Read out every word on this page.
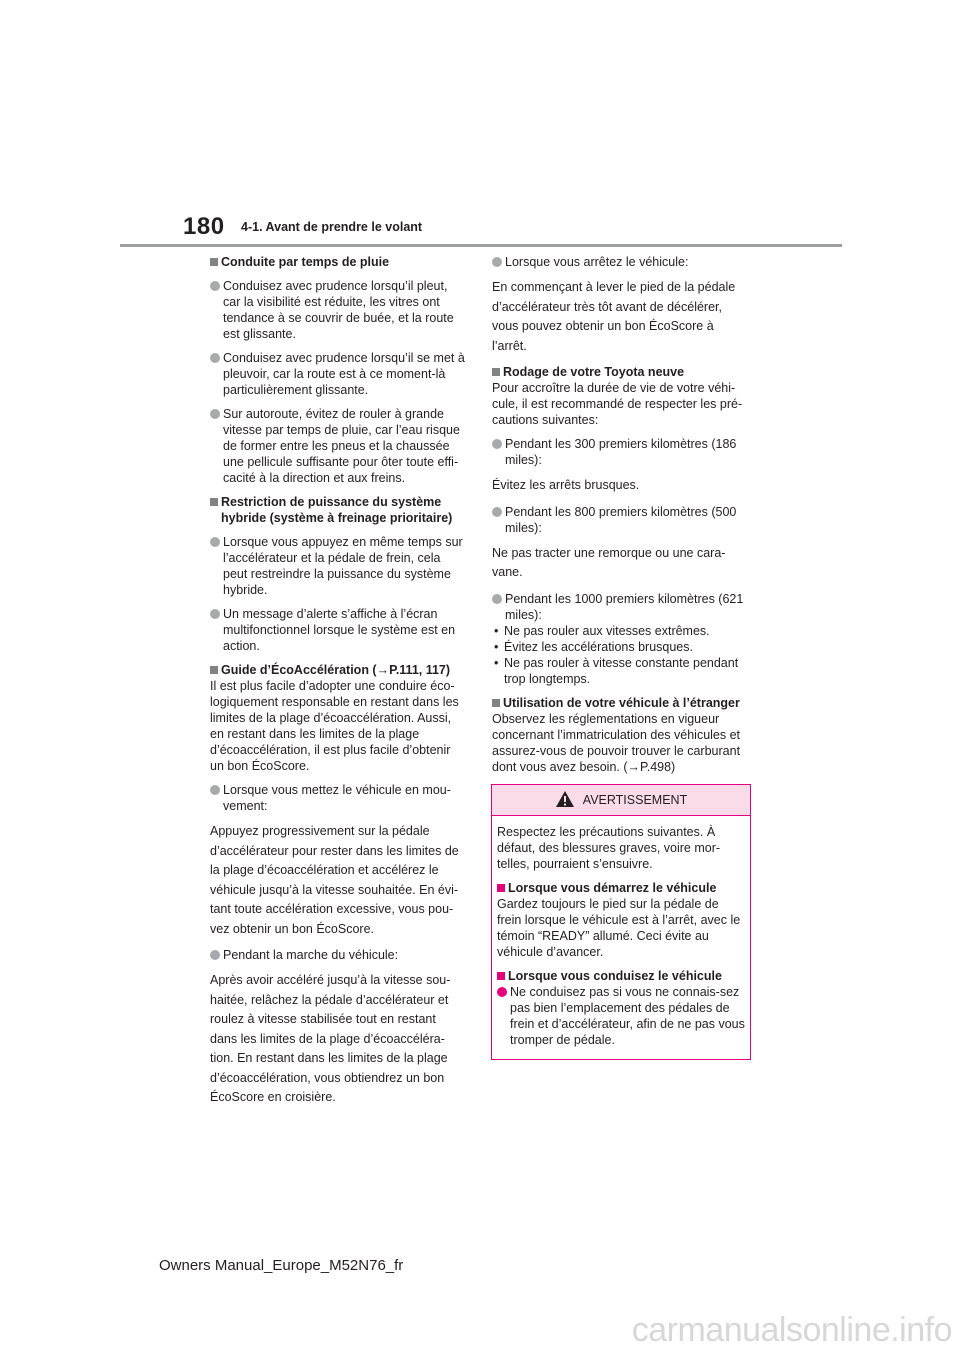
180 4-1. Avant de prendre le volant
Conduite par temps de pluie
Conduisez avec prudence lorsqu’il pleut, car la visibilité est réduite, les vitres ont tendance à se couvrir de buée, et la route est glissante.
Conduisez avec prudence lorsqu’il se met à pleuvoir, car la route est à ce moment-là particulièrement glissante.
Sur autoroute, évitez de rouler à grande vitesse par temps de pluie, car l’eau risque de former entre les pneus et la chaussée une pellicule suffisante pour ôter toute effi-cacité à la direction et aux freins.
Restriction de puissance du système hybride (système à freinage prioritaire)
Lorsque vous appuyez en même temps sur l’accélérateur et la pédale de frein, cela peut restreindre la puissance du système hybride.
Un message d’alerte s’affiche à l’écran multifonctionnel lorsque le système est en action.
Guide d’ÉcoAccélération (→P.111, 117)
Il est plus facile d’adopter une conduire éco-logiquement responsable en restant dans les limites de la plage d’écoaccélération. Aussi, en restant dans les limites de la plage d’écoaccélération, il est plus facile d’obtenir un bon ÉcoScore.
Lorsque vous mettez le véhicule en mou-vement:
Appuyez progressivement sur la pédale
d’accélérateur pour rester dans les limites de
la plage d’écoaccélération et accélérez le
véhicule jusqu’à la vitesse souhaitée. En évi-
tant toute accélération excessive, vous pou-
vez obtenir un bon ÉcoScore.
Pendant la marche du véhicule:
Après avoir accéléré jusqu’à la vitesse sou-
haitée, relâchez la pédale d’accélérateur et
roulez à vitesse stabilisée tout en restant
dans les limites de la plage d’écoaccéléra-
tion. En restant dans les limites de la plage
d’écoaccélération, vous obtiendrez un bon
ÉcoScore en croisière.
Lorsque vous arrêtez le véhicule:
En commençant à lever le pied de la pédale
d’accélérateur très tôt avant de décélérer,
vous pouvez obtenir un bon ÉcoScore à
l’arrêt.
Rodage de votre Toyota neuve
Pour accroître la durée de vie de votre véhi-cule, il est recommandé de respecter les pré-cautions suivantes:
Pendant les 300 premiers kilomètres (186 miles):
Évitez les arrêts brusques.
Pendant les 800 premiers kilomètres (500 miles):
Ne pas tracter une remorque ou une cara-
vane.
Pendant les 1000 premiers kilomètres (621 miles):
• Ne pas rouler aux vitesses extrêmes.
• Évitez les accélérations brusques.
• Ne pas rouler à vitesse constante pendant trop longtemps.
Utilisation de votre véhicule à l’étranger
Observez les réglementations en vigueur concernant l’immatriculation des véhicules et assurez-vous de pouvoir trouver le carburant dont vous avez besoin. (→P.498)
AVERTISSEMENT
Respectez les précautions suivantes. À défaut, des blessures graves, voire mor-telles, pourraient s’ensuivre.
Lorsque vous démarrez le véhicule
Gardez toujours le pied sur la pédale de frein lorsque le véhicule est à l’arrêt, avec le témoin “READY” allumé. Ceci évite au véhicule d’avancer.
Lorsque vous conduisez le véhicule
Ne conduisez pas si vous ne connais-sez pas bien l’emplacement des pédales de frein et d’accélérateur, afin de ne pas vous tromper de pédale.
Owners Manual_Europe_M52N76_fr
carmanualsonline.info
